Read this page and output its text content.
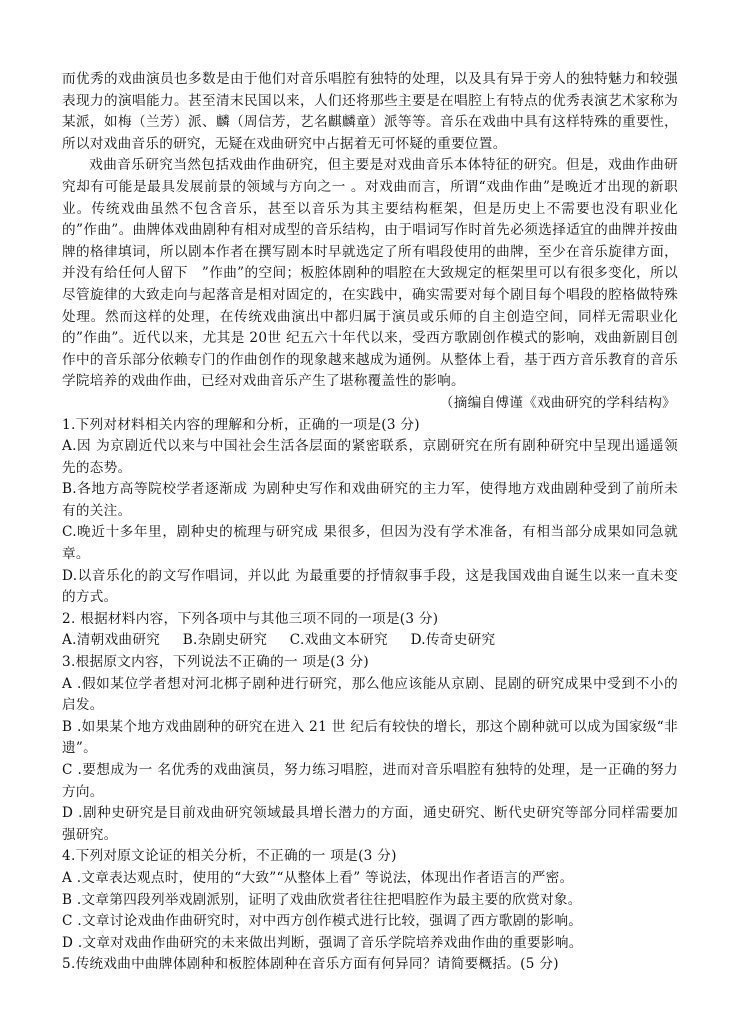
而优秀的戏曲演员也多数是由于他们对音乐唱腔有独特的处理，以及具有异于旁人的独特魅力和较强表现力的演唱能力。甚至清末民国以来，人们还将那些主要是在唱腔上有特点的优秀表演艺术家称为某派，如梅（兰芳）派、麟（周信芳，艺名麒麟童）派等等。音乐在戏曲中具有这样特殊的重要性，所以对戏曲音乐的研究，无疑在戏曲研究中占据着无可怀疑的重要位置。

戏曲音乐研究当然包括戏曲作曲研究，但主要是对戏曲音乐本体特征的研究。但是，戏曲作曲研究却有可能是最具发展前景的领域与方向之一 。对戏曲而言，所谓“戏曲作曲”是晚近才出现的新职业。传统戏曲虽然不包含音乐，甚至以音乐为其主要结构框架，但是历史上不需要也没有职业化的”作曲”。曲牌体戏曲剧种有相对成型的音乐结构，由于唱词写作时首先必须选择适宜的曲牌并按曲牌的格律填词，所以剧本作者在撰写剧本时早就选定了所有唱段使用的曲牌，至少在音乐旋律方面，并没有给任何人留下　”作曲”的空间；板腔体剧种的唱腔在大致规定的框架里可以有很多变化，所以尽管旋律的大致走向与起落音是相对固定的，在实践中，确实需要对每个剧目每个唱段的腔格做特殊处理。然而这样的处理，在传统戏曲演出中都归属于演员或乐师的自主创造空间，同样无需职业化的”作曲”。近代以来，尤其是 20世 纪五六十年代以来，受西方歌剧创作模式的影响，戏曲新剧目创作中的音乐部分依赖专门的作曲创作的现象越来越成为通例。从整体上看，基于西方音乐教育的音乐学院培养的戏曲作曲，已经对戏曲音乐产生了堪称覆盖性的影响。

（摘编自傅谨《戏曲研究的学科结构》

1.下列对材料相关内容的理解和分析，正确的一项是(3 分)

A.因 为京剧近代以来与中国社会生活各层面的紧密联系，京剧研究在所有剧种研究中呈现出遥遥领先的态势。

B.各地方高等院校学者逐渐成 为剧种史写作和戏曲研究的主力军，使得地方戏曲剧种受到了前所未有的关注。

C.晚近十多年里，剧种史的梳理与研究成 果很多，但因为没有学术准备，有相当部分成果如同急就章。

D.以音乐化的韵文写作唱词，并以此 为最重要的抒情叙事手段，这是我国戏曲自诞生以来一直未变的方式。

2. 根据材料内容，下列各项中与其他三项不同的一项是(3 分)

A.清朝戏曲研究 B.杂剧史研究 C.戏曲文本研究 D.传奇史研究

3.根据原文内容，下列说法不正确的一 项是(3 分)

A .假如某位学者想对河北梆子剧种进行研究，那么他应该能从京剧、昆剧的研究成果中受到不小的启发。

B .如果某个地方戏曲剧种的研究在进入 21 世 纪后有较快的增长，那这个剧种就可以成为国家级“非遗”。

C .要想成为一 名优秀的戏曲演员，努力练习唱腔，进而对音乐唱腔有独特的处理，是一正确的努力方向。

D .剧种史研究是目前戏曲研究领域最具增长潜力的方面，通史研究、断代史研究等部分同样需要加强研究。

4.下列对原文论证的相关分析，不正确的一 项是(3 分)

A .文章表达观点时，使用的“大致”“从整体上看” 等说法，体现出作者语言的严密。

B .文章第四段列举戏剧派别，证明了戏曲欣赏者往往把唱腔作为最主要的欣赏对象。

C .文章讨论戏曲作曲研究时，对中西方创作模式进行比较，强调了西方歌剧的影响。

D .文章对戏曲作曲研究的未来做出判断，强调了音乐学院培养戏曲作曲的重要影响。

5.传统戏曲中曲牌体剧种和板腔体剧种在音乐方面有何异同？请简要概括。(5 分)
